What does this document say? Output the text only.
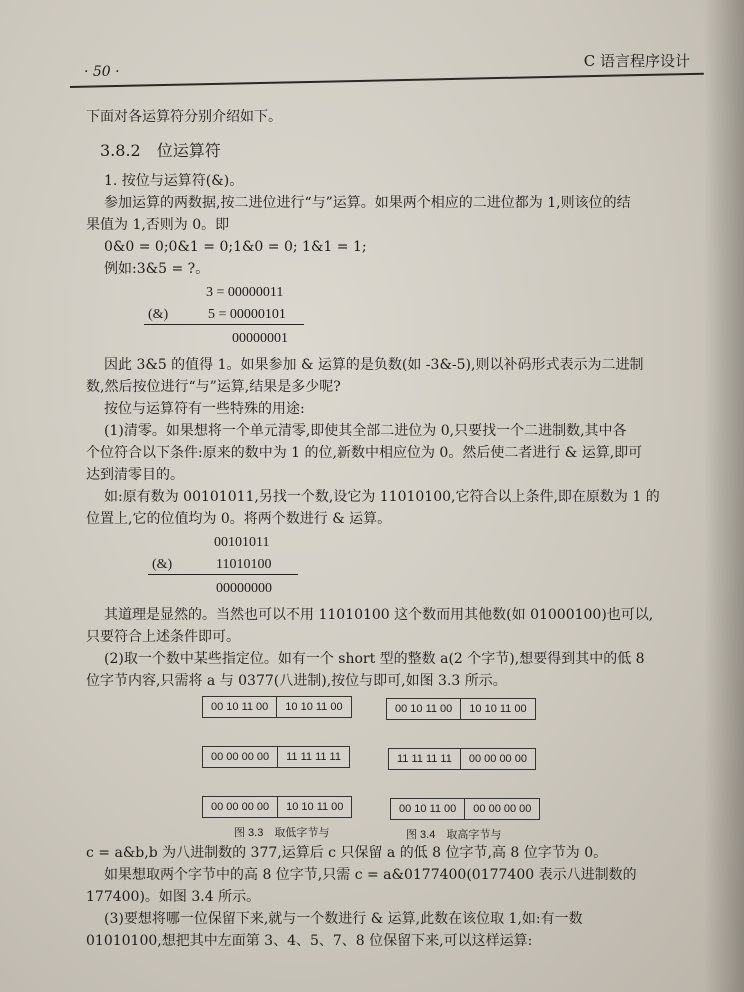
· 50 ·
C 语言程序设计

下面对各运算符分别介绍如下。

3.8.2　位运算符

1. 按位与运算符(&)。

参加运算的两数据,按二进位进行“与”运算。如果两个相应的二进位都为 1,则该位的结

果值为 1,否则为 0。即

0&0 = 0;0&1 = 0;1&0 = 0; 1&1 = 1;

例如:3&5 = ?。

3 = 00000011
(&)	5 = 00000101
00000001

因此 3&5 的值得 1。如果参加 & 运算的是负数(如 -3&-5),则以补码形式表示为二进制

数,然后按位进行“与”运算,结果是多少呢?

按位与运算符有一些特殊的用途:

(1)清零。如果想将一个单元清零,即使其全部二进位为 0,只要找一个二进制数,其中各

个位符合以下条件:原来的数中为 1 的位,新数中相应位为 0。然后使二者进行 & 运算,即可

达到清零目的。

如:原有数为 00101011,另找一个数,设它为 11010100,它符合以上条件,即在原数为 1 的

位置上,它的位值均为 0。将两个数进行 & 运算。

00101011
(&)	11010100
00000000

其道理是显然的。当然也可以不用 11010100 这个数而用其他数(如 01000100)也可以,

只要符合上述条件即可。

(2)取一个数中某些指定位。如有一个 short 型的整数 a(2 个字节),想要得到其中的低 8

位字节内容,只需将 a 与 0377(八进制),按位与即可,如图 3.3 所示。

00 10 11 00	10 10 11 00
00 00 00 00	11 11 11 11
00 00 00 00	10 10 11 00
图 3.3　取低字节与
00 10 11 00	10 10 11 00
11 11 11 11	00 00 00 00
00 10 11 00	00 00 00 00
图 3.4　取高字节与

c = a&b,b 为八进制数的 377,运算后 c 只保留 a 的低 8 位字节,高 8 位字节为 0。

如果想取两个字节中的高 8 位字节,只需 c = a&0177400(0177400 表示八进制数的

177400)。如图 3.4 所示。

(3)要想将哪一位保留下来,就与一个数进行 & 运算,此数在该位取 1,如:有一数

01010100,想把其中左面第 3、4、5、7、8 位保留下来,可以这样运算:
